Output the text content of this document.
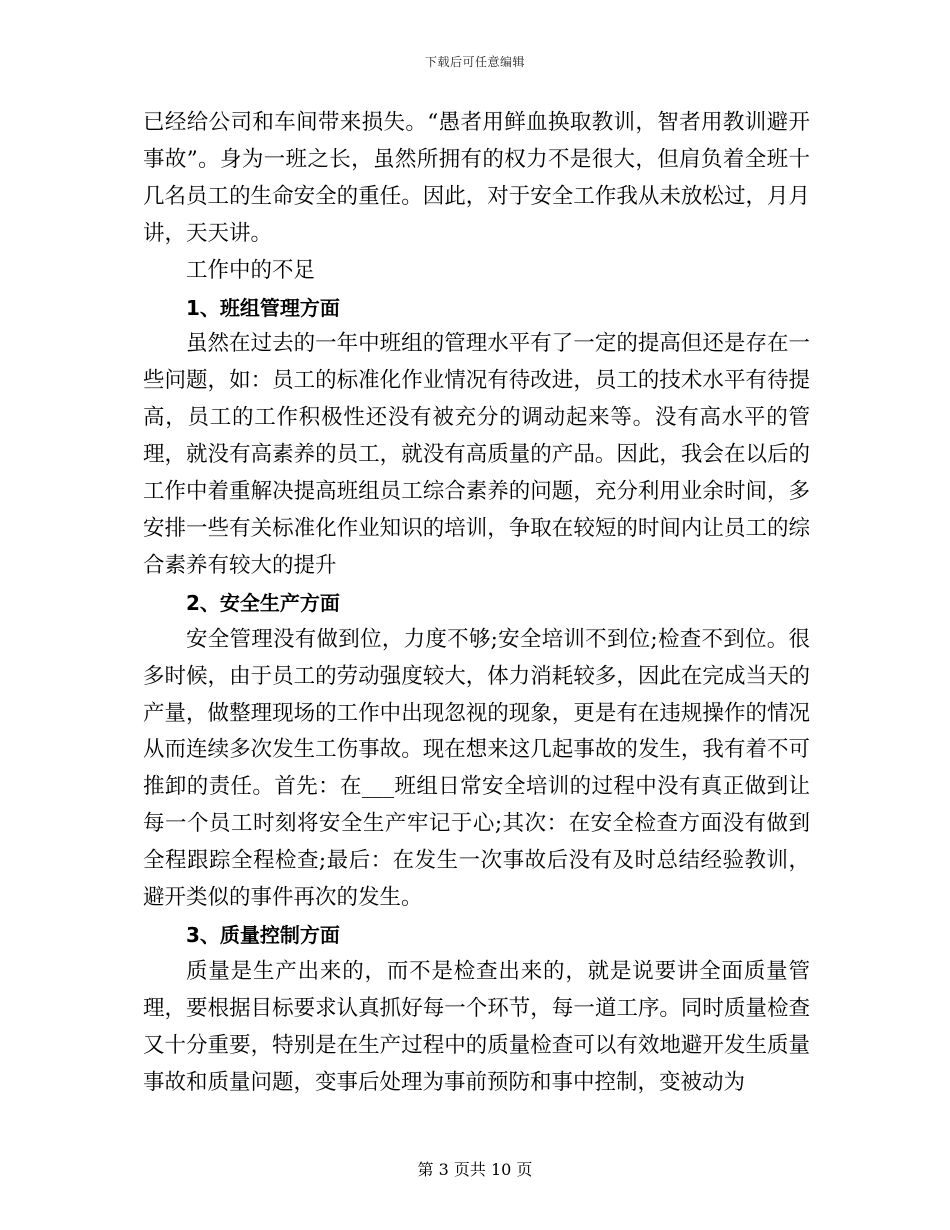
下载后可任意编辑

已经给公司和车间带来损失。“愚者用鲜血换取教训，智者用教训避开事故”。身为一班之长，虽然所拥有的权力不是很大，但肩负着全班十几名员工的生命安全的重任。因此，对于安全工作我从未放松过，月月讲，天天讲。

工作中的不足

1、班组管理方面

虽然在过去的一年中班组的管理水平有了一定的提高但还是存在一些问题，如：员工的标准化作业情况有待改进，员工的技术水平有待提高，员工的工作积极性还没有被充分的调动起来等。没有高水平的管理，就没有高素养的员工，就没有高质量的产品。因此，我会在以后的工作中着重解决提高班组员工综合素养的问题，充分利用业余时间，多安排一些有关标准化作业知识的培训，争取在较短的时间内让员工的综合素养有较大的提升

2、安全生产方面

安全管理没有做到位，力度不够;安全培训不到位;检查不到位。很多时候，由于员工的劳动强度较大，体力消耗较多，因此在完成当天的产量，做整理现场的工作中出现忽视的现象，更是有在违规操作的情况从而连续多次发生工伤事故。现在想来这几起事故的发生，我有着不可推卸的责任。首先：在___班组日常安全培训的过程中没有真正做到让每一个员工时刻将安全生产牢记于心;其次：在安全检查方面没有做到全程跟踪全程检查;最后：在发生一次事故后没有及时总结经验教训，避开类似的事件再次的发生。

3、质量控制方面

质量是生产出来的，而不是检查出来的，就是说要讲全面质量管理，要根据目标要求认真抓好每一个环节，每一道工序。同时质量检查又十分重要，特别是在生产过程中的质量检查可以有效地避开发生质量事故和质量问题，变事后处理为事前预防和事中控制，变被动为

第 3 页共 10 页
